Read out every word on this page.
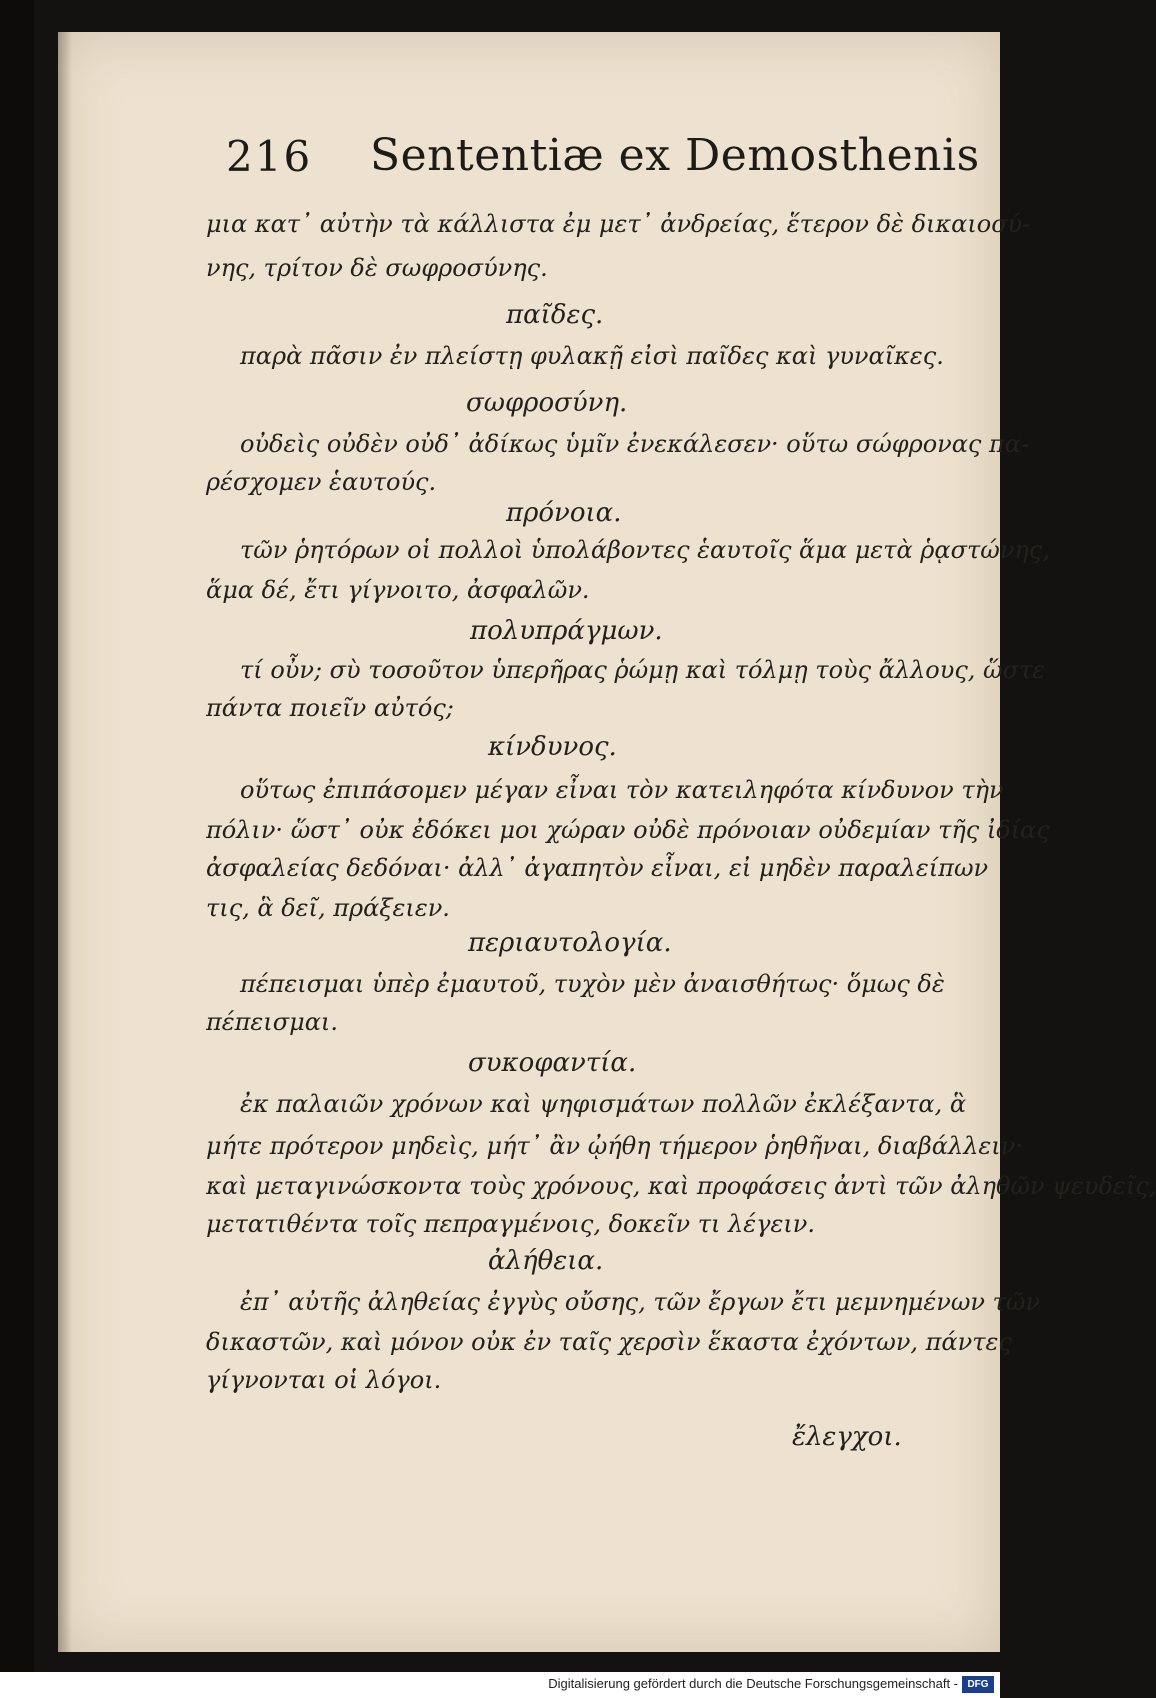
216 Sententiæ ex Demosthenis
μια κατ᾿ αὐτὴν τὰ κάλλιστα ἐμ μετ᾿ ἀνδρείας, ἕτερον δὲ δικαιοσύ-
νης, τρίτον δὲ σωφροσύνης.
παῖδες.
παρὰ πᾶσιν ἐν πλείστῃ φυλακῇ εἰσὶ παῖδες καὶ γυναῖκες.
σωφροσύνη.
οὐδεὶς οὐδὲν οὐδ᾿ ἀδίκως ὑμῖν ἐνεκάλεσεν· οὕτω σώφρονας πα-
ρέσχομεν ἑαυτούς.
πρόνοια.
τῶν ῥητόρων οἱ πολλοὶ ὑπολάβοντες ἑαυτοῖς ἅμα μετὰ ῥᾳστώνης,
ἅμα δέ, ἔτι γίγνοιτο, ἀσφαλῶν.
πολυπράγμων.
τί οὖν; σὺ τοσοῦτον ὑπερῆρας ῥώμῃ καὶ τόλμῃ τοὺς ἄλλους, ὥστε
πάντα ποιεῖν αὐτός;
κίνδυνος.
οὕτως ἐπιπάσομεν μέγαν εἶναι τὸν κατειληφότα κίνδυνον τὴν
πόλιν· ὥστ᾿ οὐκ ἐδόκει μοι χώραν οὐδὲ πρόνοιαν οὐδεμίαν τῆς ἰδίας
ἀσφαλείας δεδόναι· ἀλλ᾿ ἀγαπητὸν εἶναι, εἰ μηδὲν παραλείπων
τις, ἃ δεῖ, πράξειεν.
περιαυτολογία.
πέπεισμαι ὑπὲρ ἐμαυτοῦ, τυχὸν μὲν ἀναισθήτως· ὅμως δὲ
πέπεισμαι.
συκοφαντία.
ἐκ παλαιῶν χρόνων καὶ ψηφισμάτων πολλῶν ἐκλέξαντα, ἃ
μήτε πρότερον μηδεὶς, μήτ᾿ ἂν ᾠήθη τήμερον ῥηθῆναι, διαβάλλειν·
καὶ μεταγινώσκοντα τοὺς χρόνους, καὶ προφάσεις ἀντὶ τῶν ἀληθῶν ψευδεῖς,
μετατιθέντα τοῖς πεπραγμένοις, δοκεῖν τι λέγειν.
ἀλήθεια.
ἐπ᾿ αὐτῆς ἀληθείας ἐγγὺς οὔσης, τῶν ἔργων ἔτι μεμνημένων τῶν
δικαστῶν, καὶ μόνον οὐκ ἐν ταῖς χερσὶν ἕκαστα ἐχόντων, πάντες
γίγνονται οἱ λόγοι.
ἔλεγχοι.
Digitalisierung gefördert durch die Deutsche Forschungsgemeinschaft - DFG
